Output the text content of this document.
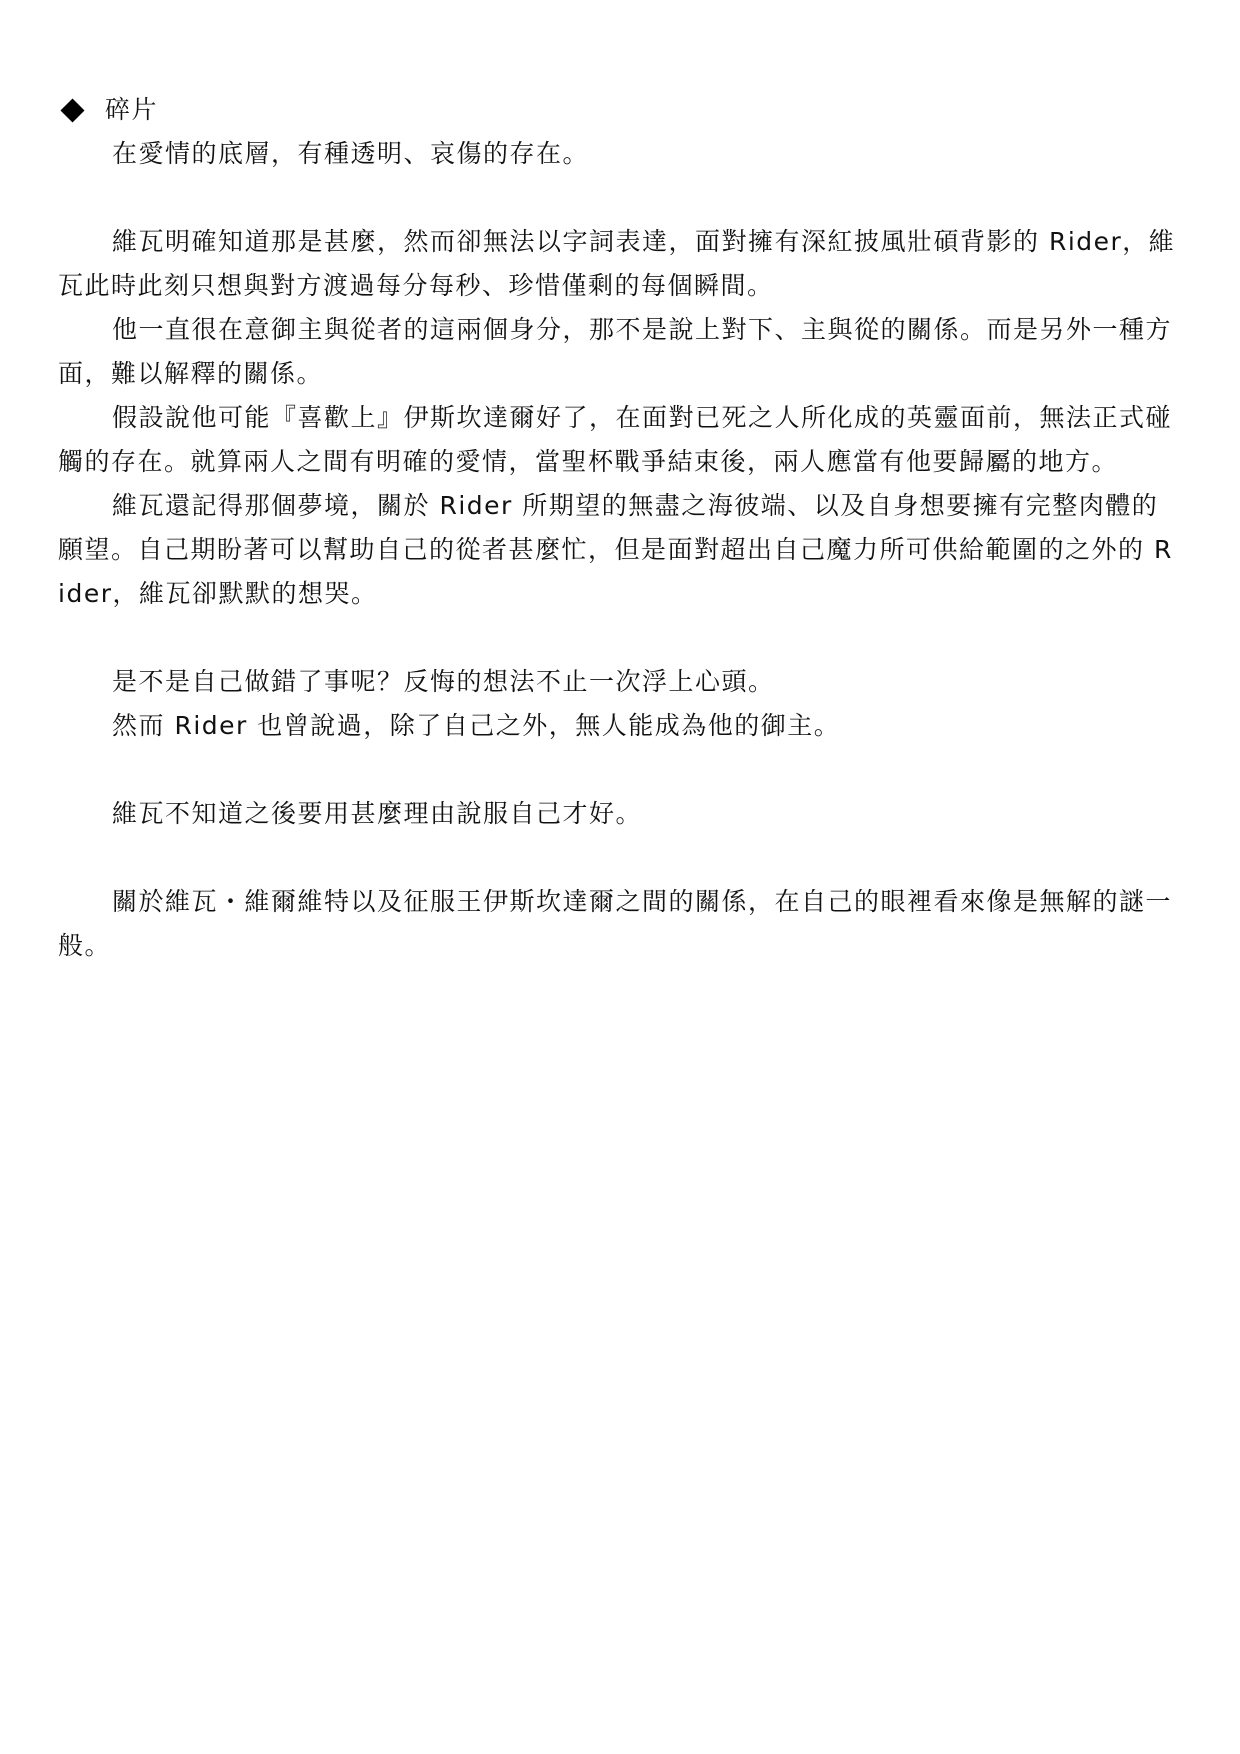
碎片

在愛情的底層，有種透明、哀傷的存在。

維瓦明確知道那是甚麼，然而卻無法以字詞表達，面對擁有深紅披風壯碩背影的 Rider，維瓦此時此刻只想與對方渡過每分每秒、珍惜僅剩的每個瞬間。

他一直很在意御主與從者的這兩個身分，那不是說上對下、主與從的關係。而是另外一種方面，難以解釋的關係。

假設說他可能『喜歡上』伊斯坎達爾好了，在面對已死之人所化成的英靈面前，無法正式碰觸的存在。就算兩人之間有明確的愛情，當聖杯戰爭結束後，兩人應當有他要歸屬的地方。

維瓦還記得那個夢境，關於 Rider 所期望的無盡之海彼端、以及自身想要擁有完整肉體的願望。自己期盼著可以幫助自己的從者甚麼忙，但是面對超出自己魔力所可供給範圍的之外的 Rider，維瓦卻默默的想哭。

是不是自己做錯了事呢？反悔的想法不止一次浮上心頭。

然而 Rider 也曾說過，除了自己之外，無人能成為他的御主。

維瓦不知道之後要用甚麼理由說服自己才好。

關於維瓦・維爾維特以及征服王伊斯坎達爾之間的關係，在自己的眼裡看來像是無解的謎一般。
